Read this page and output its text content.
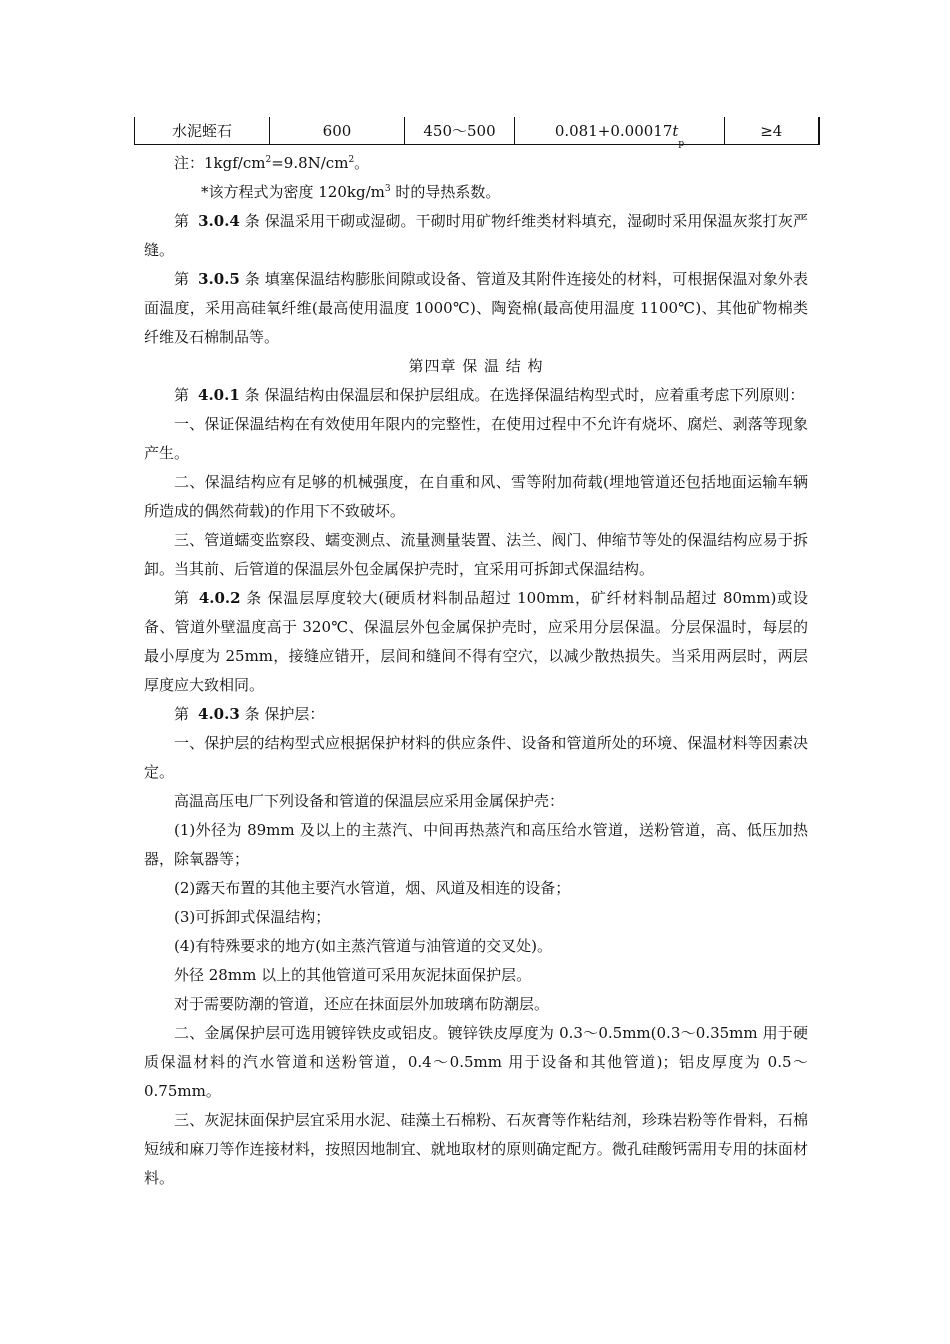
水泥蛭石	600	450～500	$0.081+0.00017t_p$	≥4

注：$1kgf/cm^2=9.8N/cm^2$。

*该方程式为密度 $120kg/m^3$ 时的导热系数。

第 3.0.4 条 保温采用干砌或湿砌。干砌时用矿物纤维类材料填充，湿砌时采用保温灰浆打灰严缝。

第 3.0.5 条 填塞保温结构膨胀间隙或设备、管道及其附件连接处的材料，可根据保温对象外表面温度，采用高硅氧纤维(最高使用温度 1000℃)、陶瓷棉(最高使用温度 1100℃)、其他矿物棉类纤维及石棉制品等。

第四章 保 温 结 构

第 4.0.1 条 保温结构由保温层和保护层组成。在选择保温结构型式时，应着重考虑下列原则：

一、保证保温结构在有效使用年限内的完整性，在使用过程中不允许有烧坏、腐烂、剥落等现象产生。

二、保温结构应有足够的机械强度，在自重和风、雪等附加荷载(埋地管道还包括地面运输车辆所造成的偶然荷载)的作用下不致破坏。

三、管道蠕变监察段、蠕变测点、流量测量装置、法兰、阀门、伸缩节等处的保温结构应易于拆卸。当其前、后管道的保温层外包金属保护壳时，宜采用可拆卸式保温结构。

第 4.0.2 条 保温层厚度较大(硬质材料制品超过 100mm，矿纤材料制品超过 80mm)或设备、管道外壁温度高于 320℃、保温层外包金属保护壳时，应采用分层保温。分层保温时，每层的最小厚度为 25mm，接缝应错开，层间和缝间不得有空穴，以减少散热损失。当采用两层时，两层厚度应大致相同。

第 4.0.3 条 保护层：

一、保护层的结构型式应根据保护材料的供应条件、设备和管道所处的环境、保温材料等因素决定。

高温高压电厂下列设备和管道的保温层应采用金属保护壳：

(1)外径为 89mm 及以上的主蒸汽、中间再热蒸汽和高压给水管道，送粉管道，高、低压加热器，除氧器等；

(2)露天布置的其他主要汽水管道，烟、风道及相连的设备；

(3)可拆卸式保温结构；

(4)有特殊要求的地方(如主蒸汽管道与油管道的交叉处)。

外径 28mm 以上的其他管道可采用灰泥抹面保护层。

对于需要防潮的管道，还应在抹面层外加玻璃布防潮层。

二、金属保护层可选用镀锌铁皮或铝皮。镀锌铁皮厚度为 0.3～0.5mm(0.3～0.35mm 用于硬质保温材料的汽水管道和送粉管道，0.4～0.5mm 用于设备和其他管道)；铝皮厚度为 0.5～0.75mm。

三、灰泥抹面保护层宜采用水泥、硅藻土石棉粉、石灰膏等作粘结剂，珍珠岩粉等作骨料，石棉短绒和麻刀等作连接材料，按照因地制宜、就地取材的原则确定配方。微孔硅酸钙需用专用的抹面材料。
